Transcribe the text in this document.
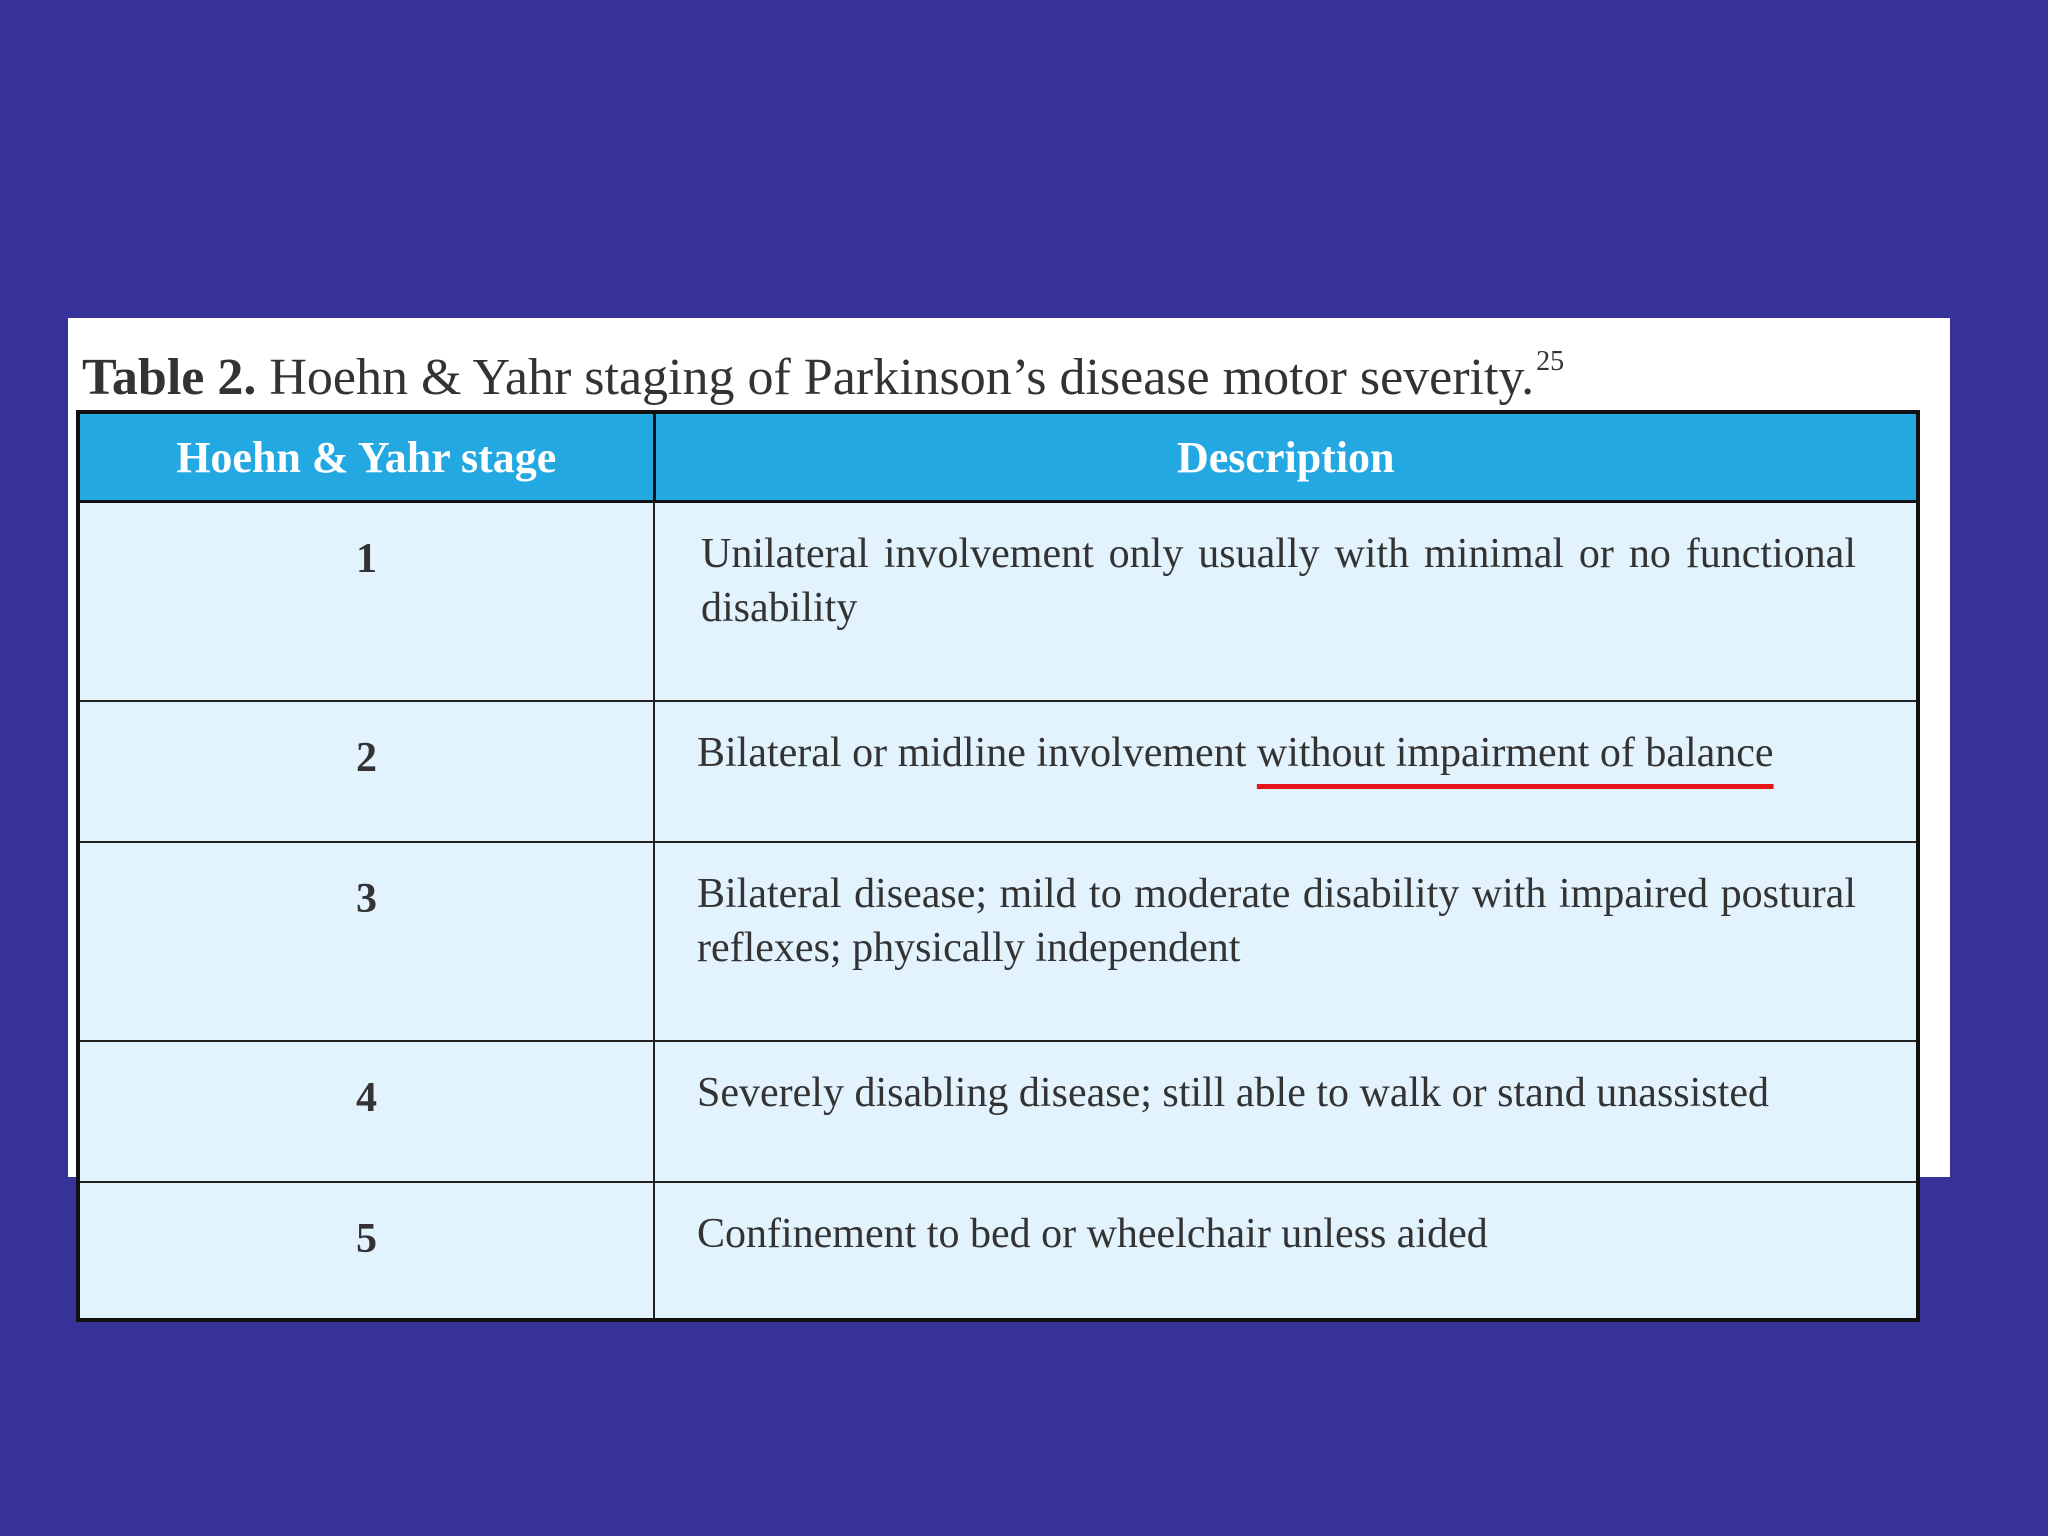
Table 2. Hoehn & Yahr staging of Parkinson’s disease motor severity.$^{25}$
Hoehn & Yahr stage	Description
1	Unilateral involvement only usually with minimal or no functional disability
2	Bilateral or midline involvement without impairment of balance
3	Bilateral disease; mild to moderate disability with impaired postural reflexes; physically independent
4	Severely disabling disease; still able to walk or stand unassisted
5	Confinement to bed or wheelchair unless aided
